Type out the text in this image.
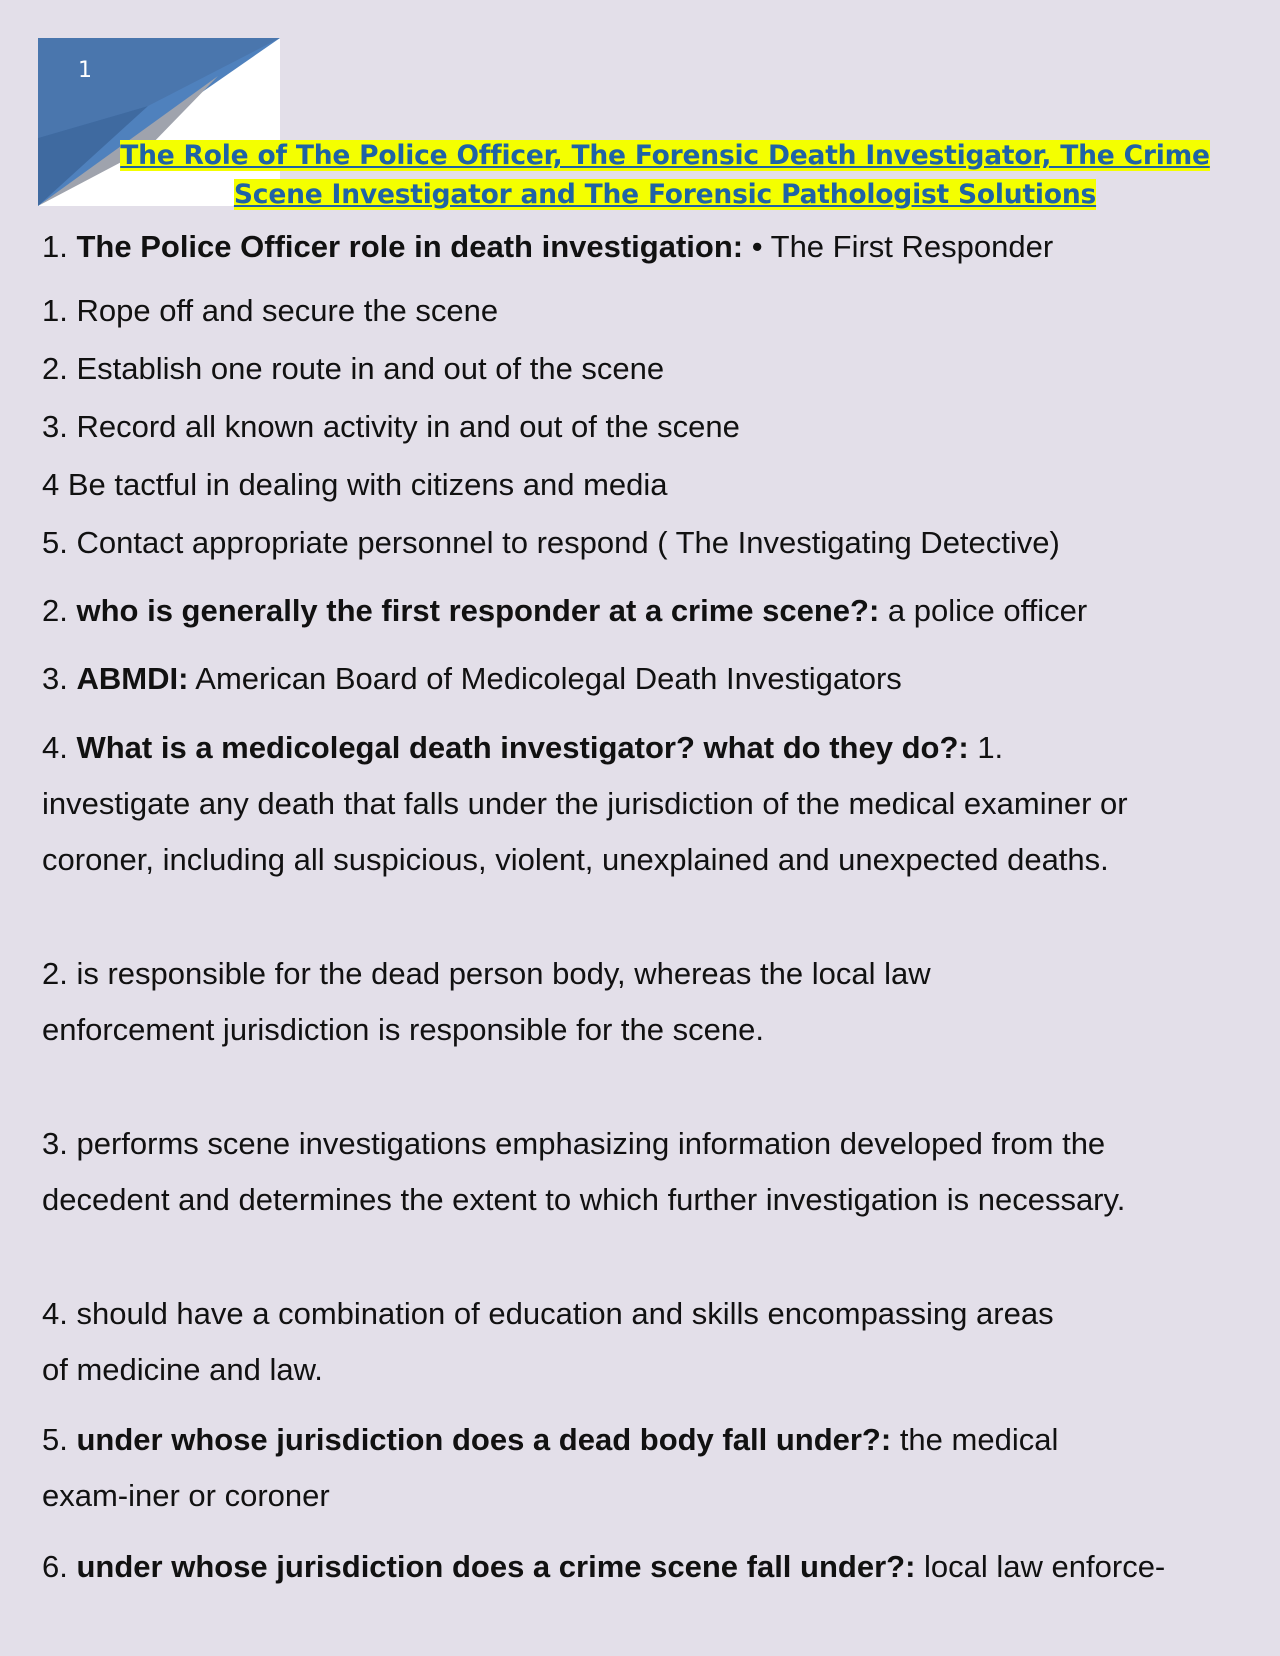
1
The Role of The Police Officer, The Forensic Death Investigator, The Crime Scene Investigator and The Forensic Pathologist Solutions
1. The Police Officer role in death investigation: • The First Responder
1. Rope off and secure the scene
2. Establish one route in and out of the scene
3. Record all known activity in and out of the scene
4 Be tactful in dealing with citizens and media
5. Contact appropriate personnel to respond ( The Investigating Detective)
2. who is generally the first responder at a crime scene?: a police officer
3. ABMDI: American Board of Medicolegal Death Investigators
4. What is a medicolegal death investigator? what do they do?: 1.
investigate any death that falls under the jurisdiction of the medical examiner or
coroner, including all suspicious, violent, unexplained and unexpected deaths.
2. is responsible for the dead person body, whereas the local law
enforcement jurisdiction is responsible for the scene.
3. performs scene investigations emphasizing information developed from the
decedent and determines the extent to which further investigation is necessary.
4. should have a combination of education and skills encompassing areas
of medicine and law.
5. under whose jurisdiction does a dead body fall under?: the medical
exam-iner or coroner
6. under whose jurisdiction does a crime scene fall under?: local law enforce-
